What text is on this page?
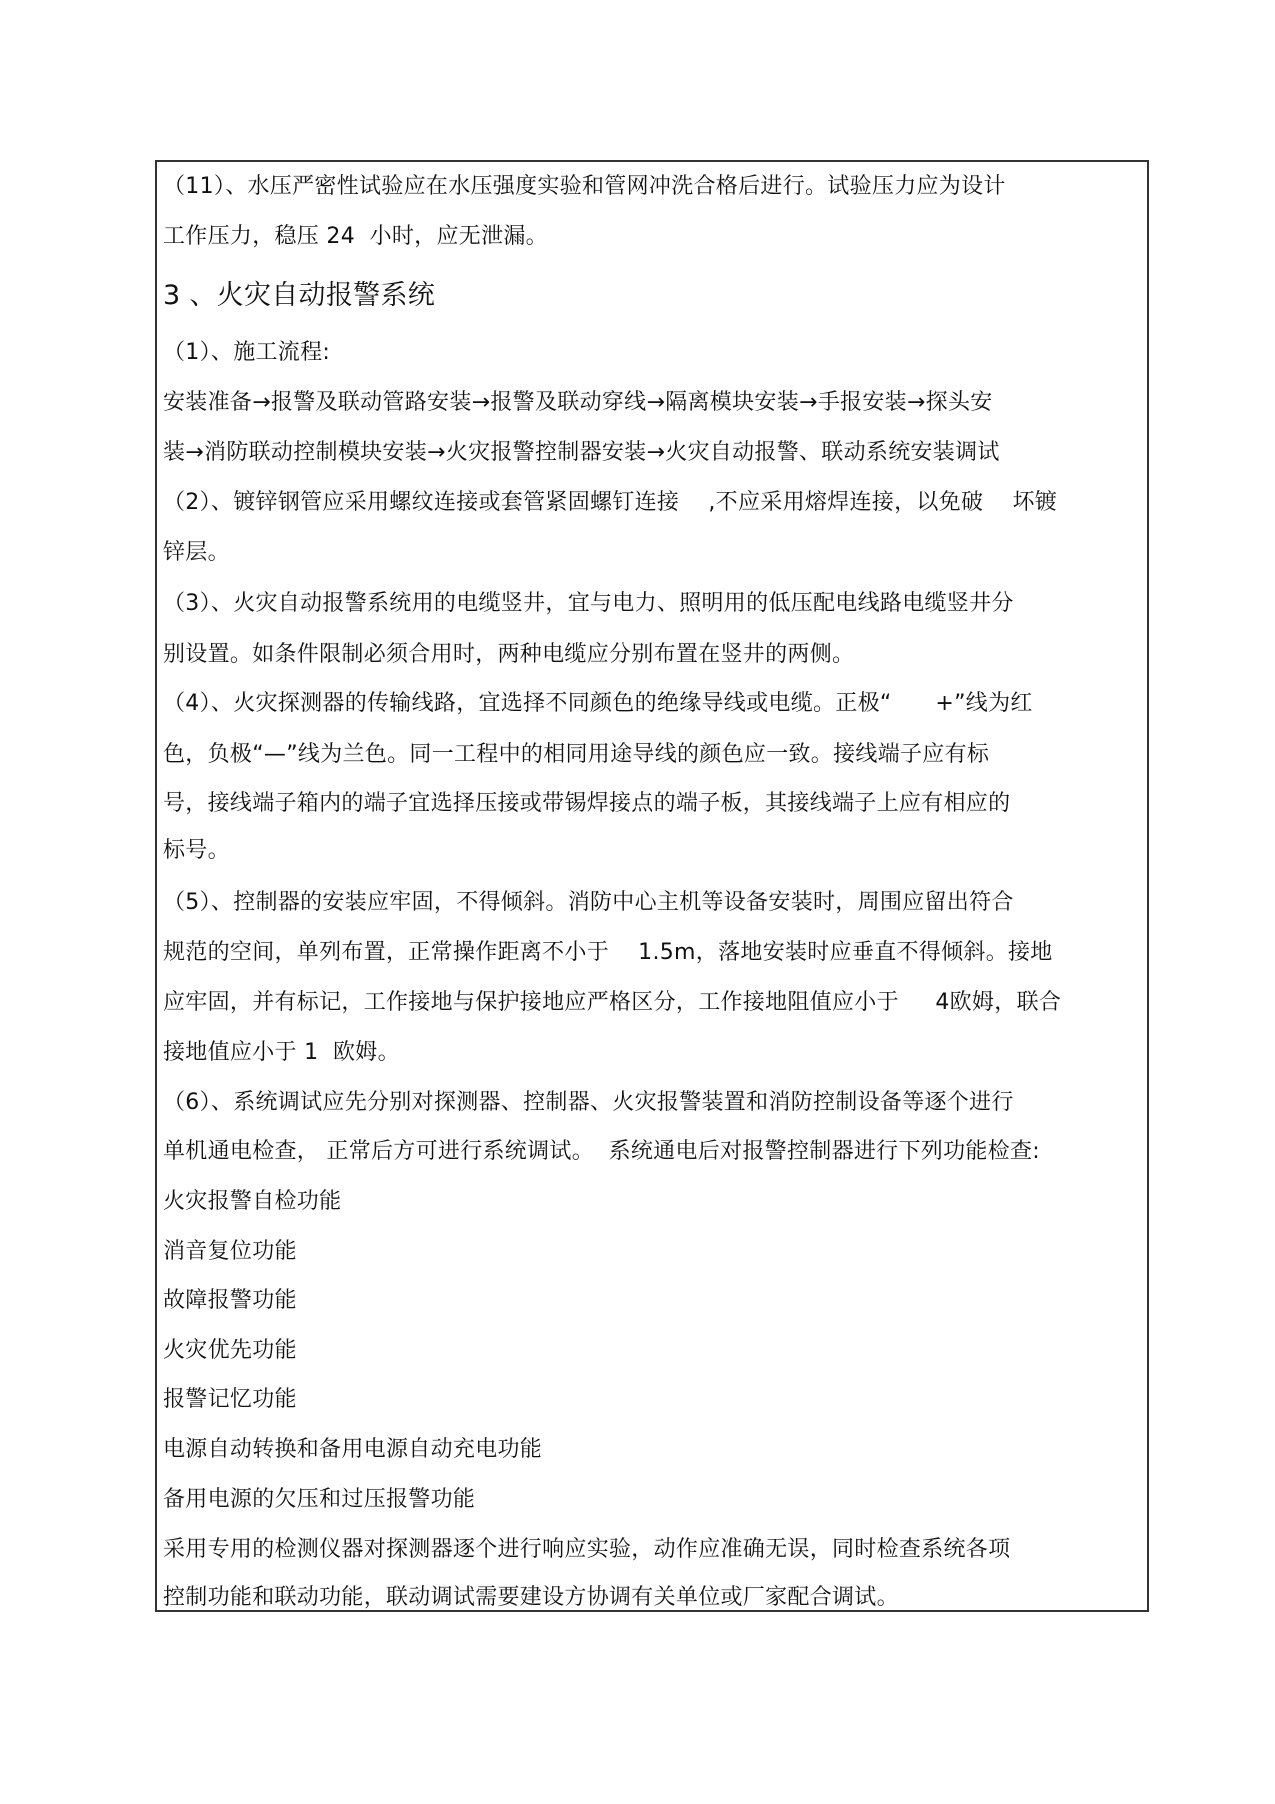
（11）、水压严密性试验应在水压强度实验和管网冲洗合格后进行。试验压力应为设计
工作压力，稳压 24  小时，应无泄漏。
3 、火灾自动报警系统
（1）、施工流程:
安装准备→报警及联动管路安装→报警及联动穿线→隔离模块安装→手报安装→探头安
装→消防联动控制模块安装→火灾报警控制器安装→火灾自动报警、联动系统安装调试
（2）、镀锌钢管应采用螺纹连接或套管紧固螺钉连接    ,不应采用熔焊连接，以免破    坏镀
锌层。
（3）、火灾自动报警系统用的电缆竖井，宜与电力、照明用的低压配电线路电缆竖井分
别设置。如条件限制必须合用时，两种电缆应分别布置在竖井的两侧。
（4）、火灾探测器的传输线路，宜选择不同颜色的绝缘导线或电缆。正极“      +”线为红
色，负极“—”线为兰色。同一工程中的相同用途导线的颜色应一致。接线端子应有标
号，接线端子箱内的端子宜选择压接或带锡焊接点的端子板，其接线端子上应有相应的
标号。
（5）、控制器的安装应牢固，不得倾斜。消防中心主机等设备安装时，周围应留出符合
规范的空间，单列布置，正常操作距离不小于    1.5m，落地安装时应垂直不得倾斜。接地
应牢固，并有标记，工作接地与保护接地应严格区分，工作接地阻值应小于     4欧姆，联合
接地值应小于 1  欧姆。
（6）、系统调试应先分别对探测器、控制器、火灾报警装置和消防控制设备等逐个进行
单机通电检查， 正常后方可进行系统调试。  系统通电后对报警控制器进行下列功能检查:
火灾报警自检功能
消音复位功能
故障报警功能
火灾优先功能
报警记忆功能
电源自动转换和备用电源自动充电功能
备用电源的欠压和过压报警功能
采用专用的检测仪器对探测器逐个进行响应实验，动作应准确无误，同时检查系统各项
控制功能和联动功能，联动调试需要建设方协调有关单位或厂家配合调试。
